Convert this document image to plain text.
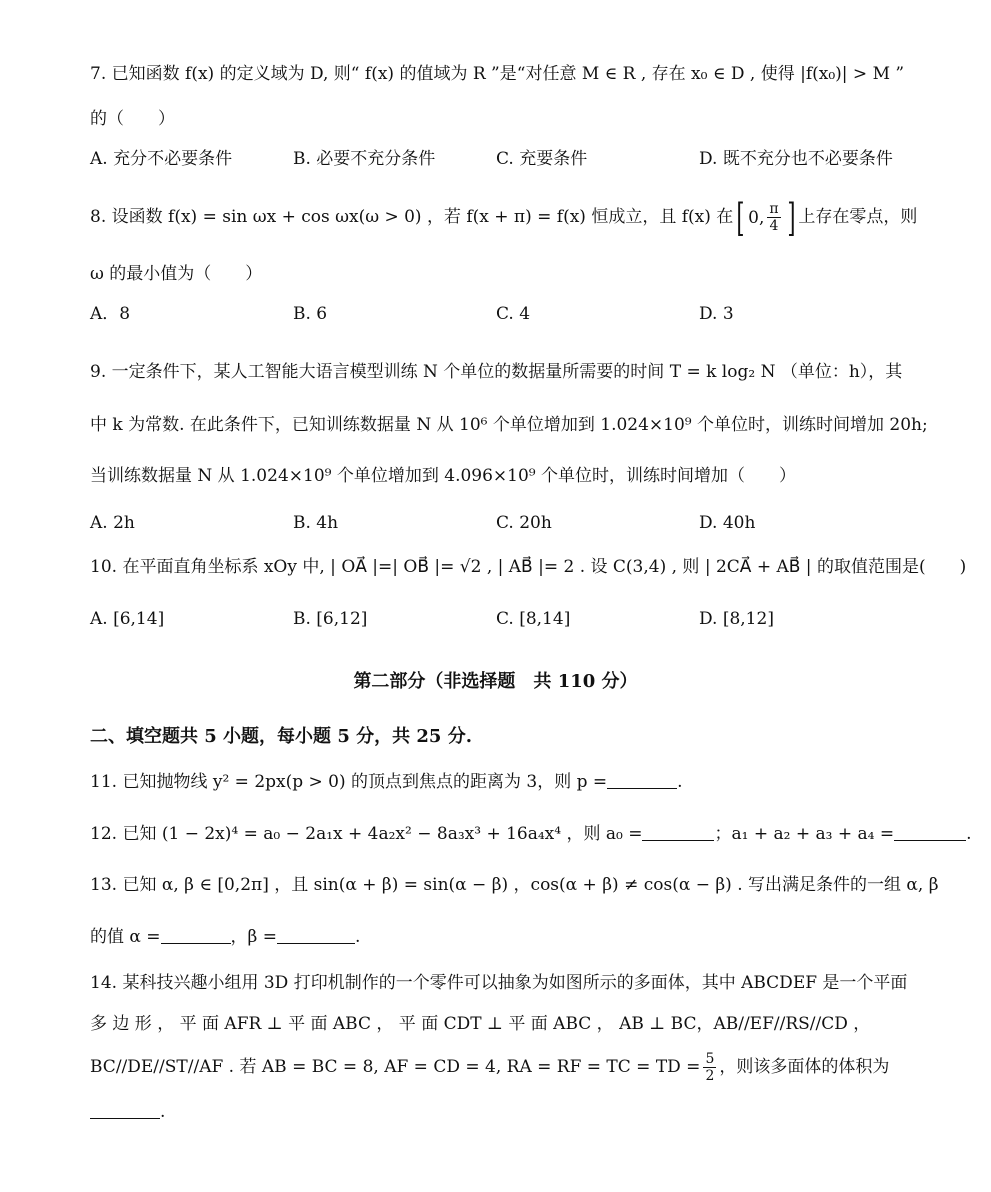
7. 已知函数 f(x) 的定义域为 D, 则“ f(x) 的值域为 R ”是“对任意 M ∈ R , 存在 x₀ ∈ D , 使得 |f(x₀)| > M ”
的（　　）
A. 充分不必要条件	B. 必要不充分条件	C. 充要条件	D. 既不充分也不必要条件
8. 设函数 f(x) = sin ωx + cos ωx(ω > 0) ，若 f(x + π) = f(x) 恒成立，且 f(x) 在[ 0, $\frac{\pi}{4}$ ] 上存在零点，则
ω 的最小值为（　　）
A．8	B. 6	C. 4	D. 3
9. 一定条件下，某人工智能大语言模型训练 N 个单位的数据量所需要的时间 T = k log₂ N （单位：h），其
中 k 为常数. 在此条件下，已知训练数据量 N 从 10⁶ 个单位增加到 1.024×10⁹ 个单位时，训练时间增加 20h;
当训练数据量 N 从 1.024×10⁹ 个单位增加到 4.096×10⁹ 个单位时，训练时间增加（　　）
A. 2h	B. 4h	C. 20h	D. 40h
10. 在平面直角坐标系 xOy 中, | OA⃗ |=| OB⃗ |= √2 , | AB⃗ |= 2 . 设 C(3,4) , 则 | 2CA⃗ + AB⃗ | 的取值范围是(　　)
A. [6,14]	B. [6,12]	C. [8,14]	D. [8,12]
第二部分（非选择题　共 110 分）
二、填空题共 5 小题，每小题 5 分，共 25 分.
11. 已知抛物线 y² = 2px(p > 0) 的顶点到焦点的距离为 3，则 p =	.
12. 已知 (1 − 2x)⁴ = a₀ − 2a₁x + 4a₂x² − 8a₃x³ + 16a₄x⁴ ，则 a₀ =	；a₁ + a₂ + a₃ + a₄ =	.
13. 已知 α, β ∈ [0,2π] ，且 sin(α + β) = sin(α − β) ，cos(α + β) ≠ cos(α − β) . 写出满足条件的一组 α, β
的值 α =	，β =	.
14. 某科技兴趣小组用 3D 打印机制作的一个零件可以抽象为如图所示的多面体，其中 ABCDEF 是一个平面
多 边 形 ， 平 面 AFR ⊥ 平 面 ABC ， 平 面 CDT ⊥ 平 面 ABC ， AB ⊥ BC，AB//EF//RS//CD ，
BC//DE//ST//AF . 若 AB = BC = 8, AF = CD = 4, RA = RF = TC = TD = $\frac{5}{2}$ ，则该多面体的体积为
.
